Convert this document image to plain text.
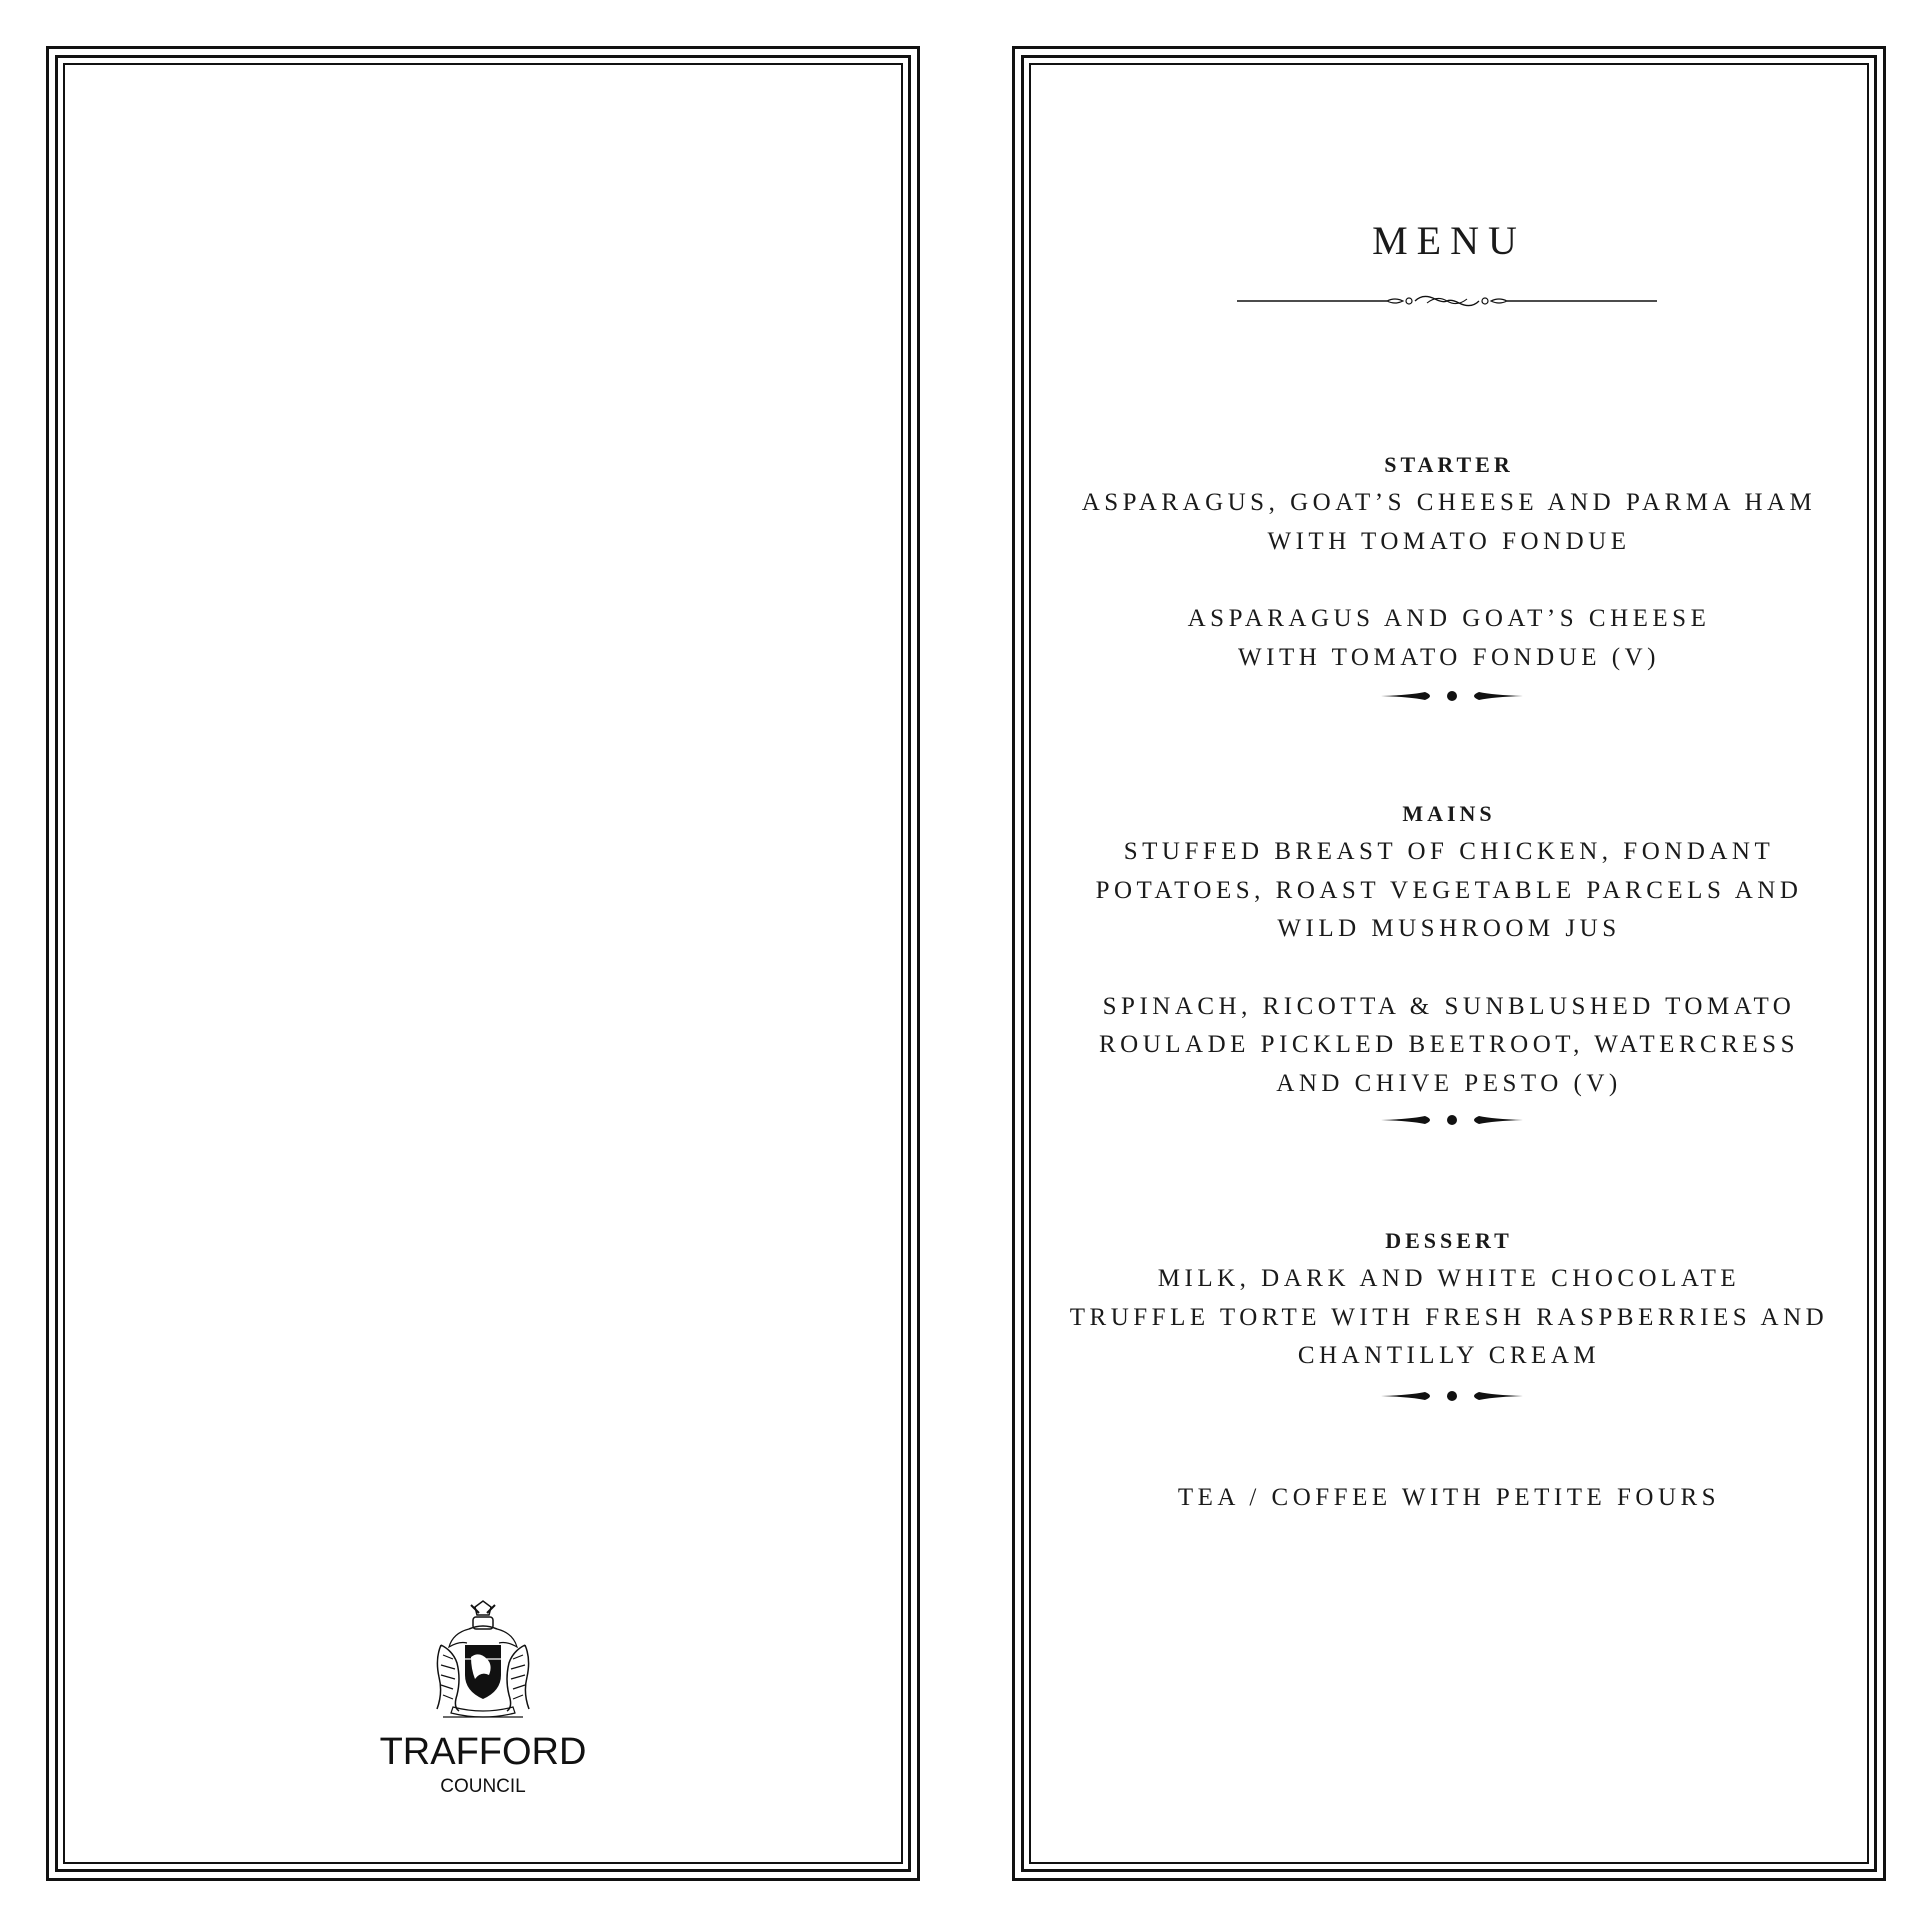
TRAFFORD
COUNCIL
MENU
STARTER
ASPARAGUS, GOAT’S CHEESE AND PARMA HAM
WITH TOMATO FONDUE
ASPARAGUS AND GOAT’S CHEESE
WITH TOMATO FONDUE (V)
MAINS
STUFFED BREAST OF CHICKEN, FONDANT
POTATOES, ROAST VEGETABLE PARCELS AND
WILD MUSHROOM JUS
SPINACH, RICOTTA & SUNBLUSHED TOMATO
ROULADE PICKLED BEETROOT, WATERCRESS
AND CHIVE PESTO (V)
DESSERT
MILK, DARK AND WHITE CHOCOLATE
TRUFFLE TORTE WITH FRESH RASPBERRIES AND
CHANTILLY CREAM
TEA / COFFEE WITH PETITE FOURS
